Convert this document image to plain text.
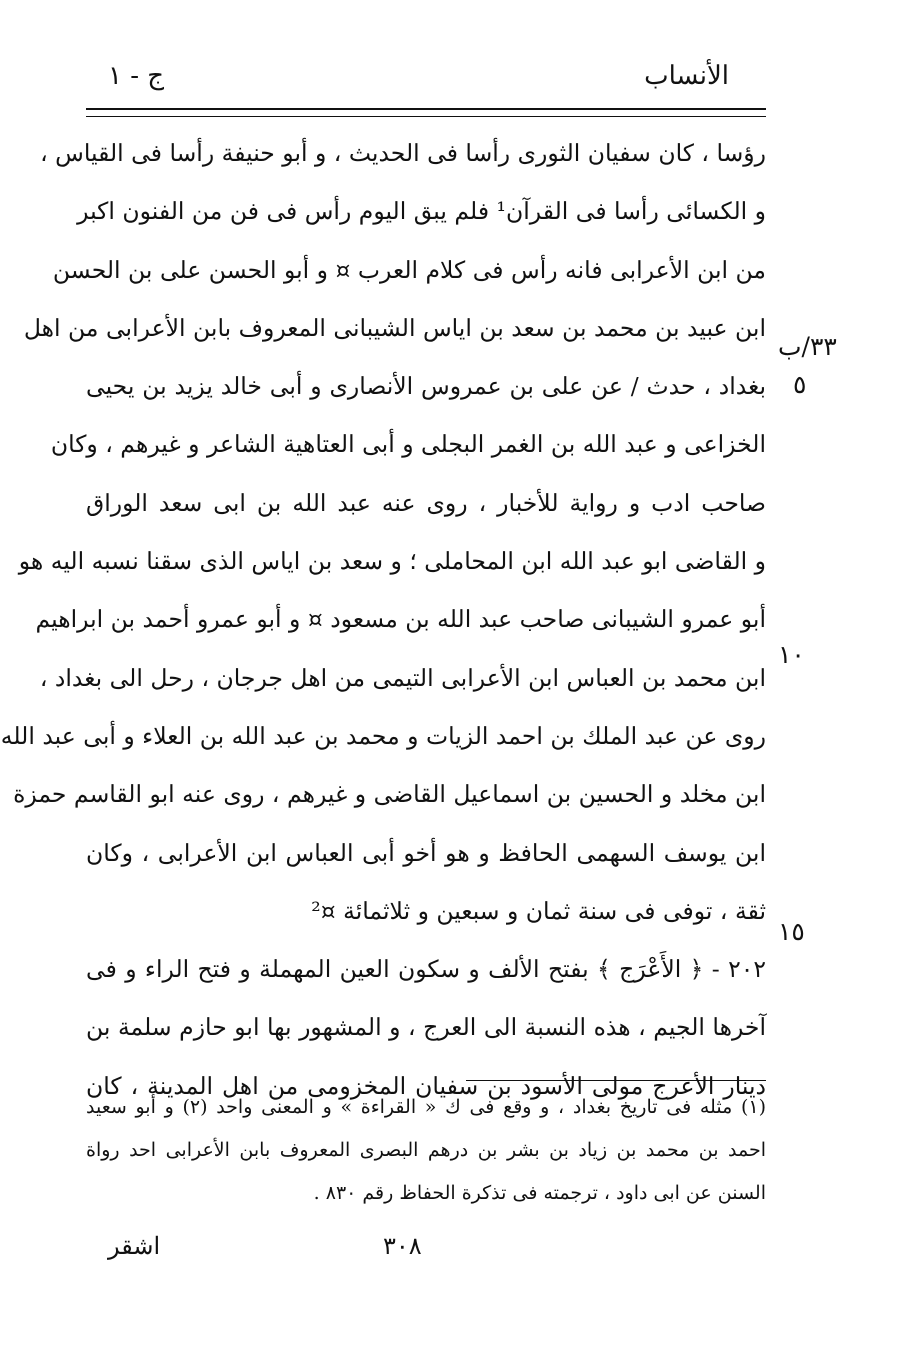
الأنساب
ج - ١
٣٣/ب
٥
١٠
١٥
رؤسا ، كان سفيان الثورى رأسا فى الحديث ، و أبو حنيفة رأسا فى القياس ،
و الكسائى رأسا فى القرآن¹ فلم يبق اليوم رأس فى فن من الفنون اكبر
من ابن الأعرابى فانه رأس فى كلام العرب ¤ و أبو الحسن على بن الحسن
ابن عبيد بن محمد بن سعد بن اياس الشيبانى المعروف بابن الأعرابى من اهل
بغداد ، حدث / عن على بن عمروس الأنصارى و أبى خالد يزيد بن يحيى
الخزاعى و عبد الله بن الغمر البجلى و أبى العتاهية الشاعر و غيرهم ، وكان
صاحب ادب و رواية للأخبار ، روى عنه عبد الله بن ابى سعد الوراق
و القاضى ابو عبد الله ابن المحاملى ؛ و سعد بن اياس الذى سقنا نسبه اليه هو
أبو عمرو الشيبانى صاحب عبد الله بن مسعود ¤ و أبو عمرو أحمد بن ابراهيم
ابن محمد بن العباس ابن الأعرابى التيمى من اهل جرجان ، رحل الى بغداد ،
روى عن عبد الملك بن احمد الزيات و محمد بن عبد الله بن العلاء و أبى عبد الله
ابن مخلد و الحسين بن اسماعيل القاضى و غيرهم ، روى عنه ابو القاسم حمزة
ابن يوسف السهمى الحافظ و هو أخو أبى العباس ابن الأعرابى ، وكان
ثقة ، توفى فى سنة ثمان و سبعين و ثلاثمائة ¤²
٢٠٢ - ﴿ الأَعْرَج ﴾ بفتح الألف و سكون العين المهملة و فتح الراء و فى
آخرها الجيم ، هذه النسبة الى العرج ، و المشهور بها ابو حازم سلمة بن
دينار الأعرج مولى الأسود بن سفيان المخزومى من اهل المدينة ، كان
(١) مثله فى تاريخ بغداد ، و وقع فى ك « القراءة » و المعنى واحد (٢) و أبو سعيد
احمد بن محمد بن زياد بن بشر بن درهم البصرى المعروف بابن الأعرابى احد رواة
السنن عن ابى داود ، ترجمته فى تذكرة الحفاظ رقم ٨٣٠ .
٣٠٨
اشقر
